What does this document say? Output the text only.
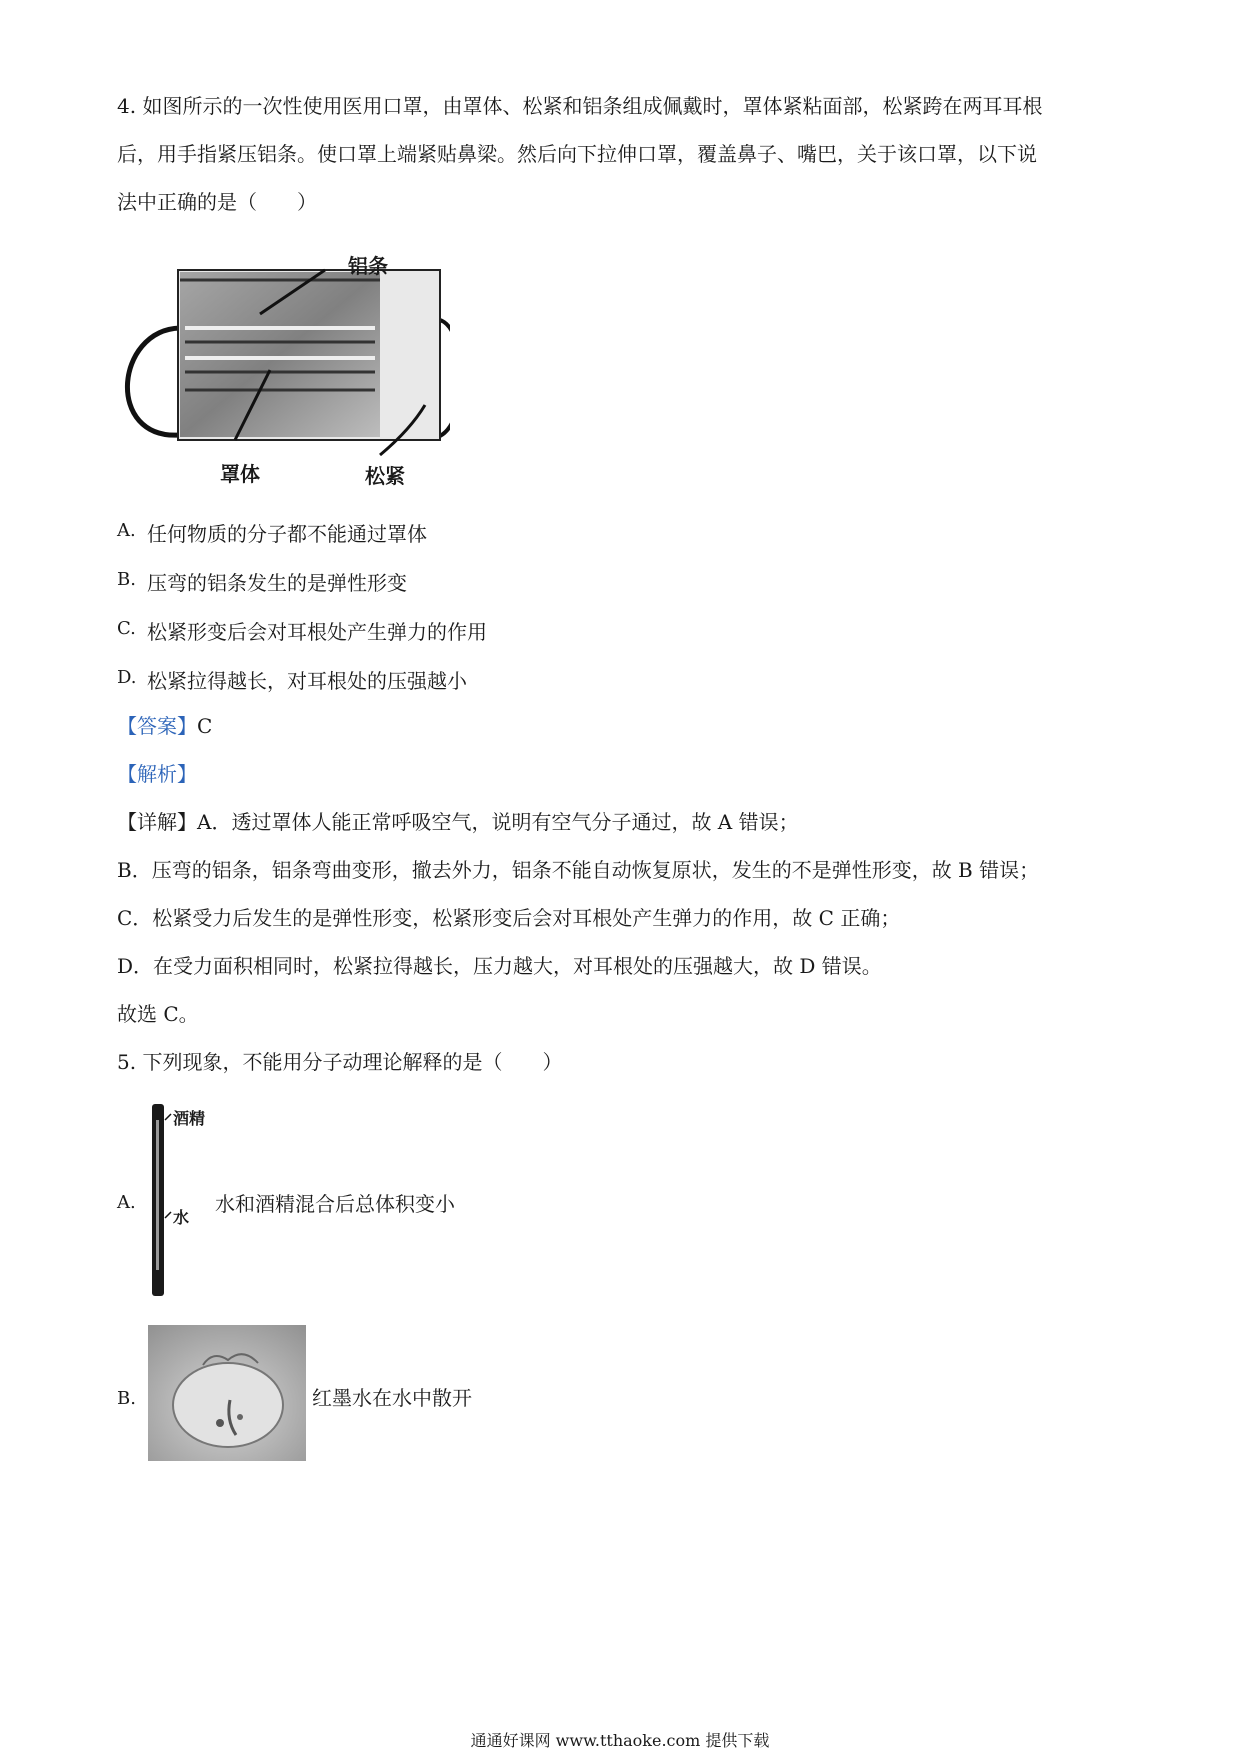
4. 如图所示的一次性使用医用口罩，由罩体、松紧和铝条组成佩戴时，罩体紧粘面部，松紧跨在两耳耳根
后，用手指紧压铝条。使口罩上端紧贴鼻梁。然后向下拉伸口罩，覆盖鼻子、嘴巴，关于该口罩，以下说
法中正确的是（　　）
铝条
罩体	松紧
A. 任何物质的分子都不能通过罩体
B. 压弯的铝条发生的是弹性形变
C. 松紧形变后会对耳根处产生弹力的作用
D. 松紧拉得越长，对耳根处的压强越小
【答案】C
【解析】
【详解】A．透过罩体人能正常呼吸空气，说明有空气分子通过，故 A 错误；
B．压弯的铝条，铝条弯曲变形，撤去外力，铝条不能自动恢复原状，发生的不是弹性形变，故 B 错误；
C．松紧受力后发生的是弹性形变，松紧形变后会对耳根处产生弹力的作用，故 C 正确；
D．在受力面积相同时，松紧拉得越长，压力越大，对耳根处的压强越大，故 D 错误。
故选 C。
5. 下列现象，不能用分子动理论解释的是（　　）
A.
酒精
水
水和酒精混合后总体积变小
B.	红墨水在水中散开
通通好课网 www.tthaoke.com 提供下载
